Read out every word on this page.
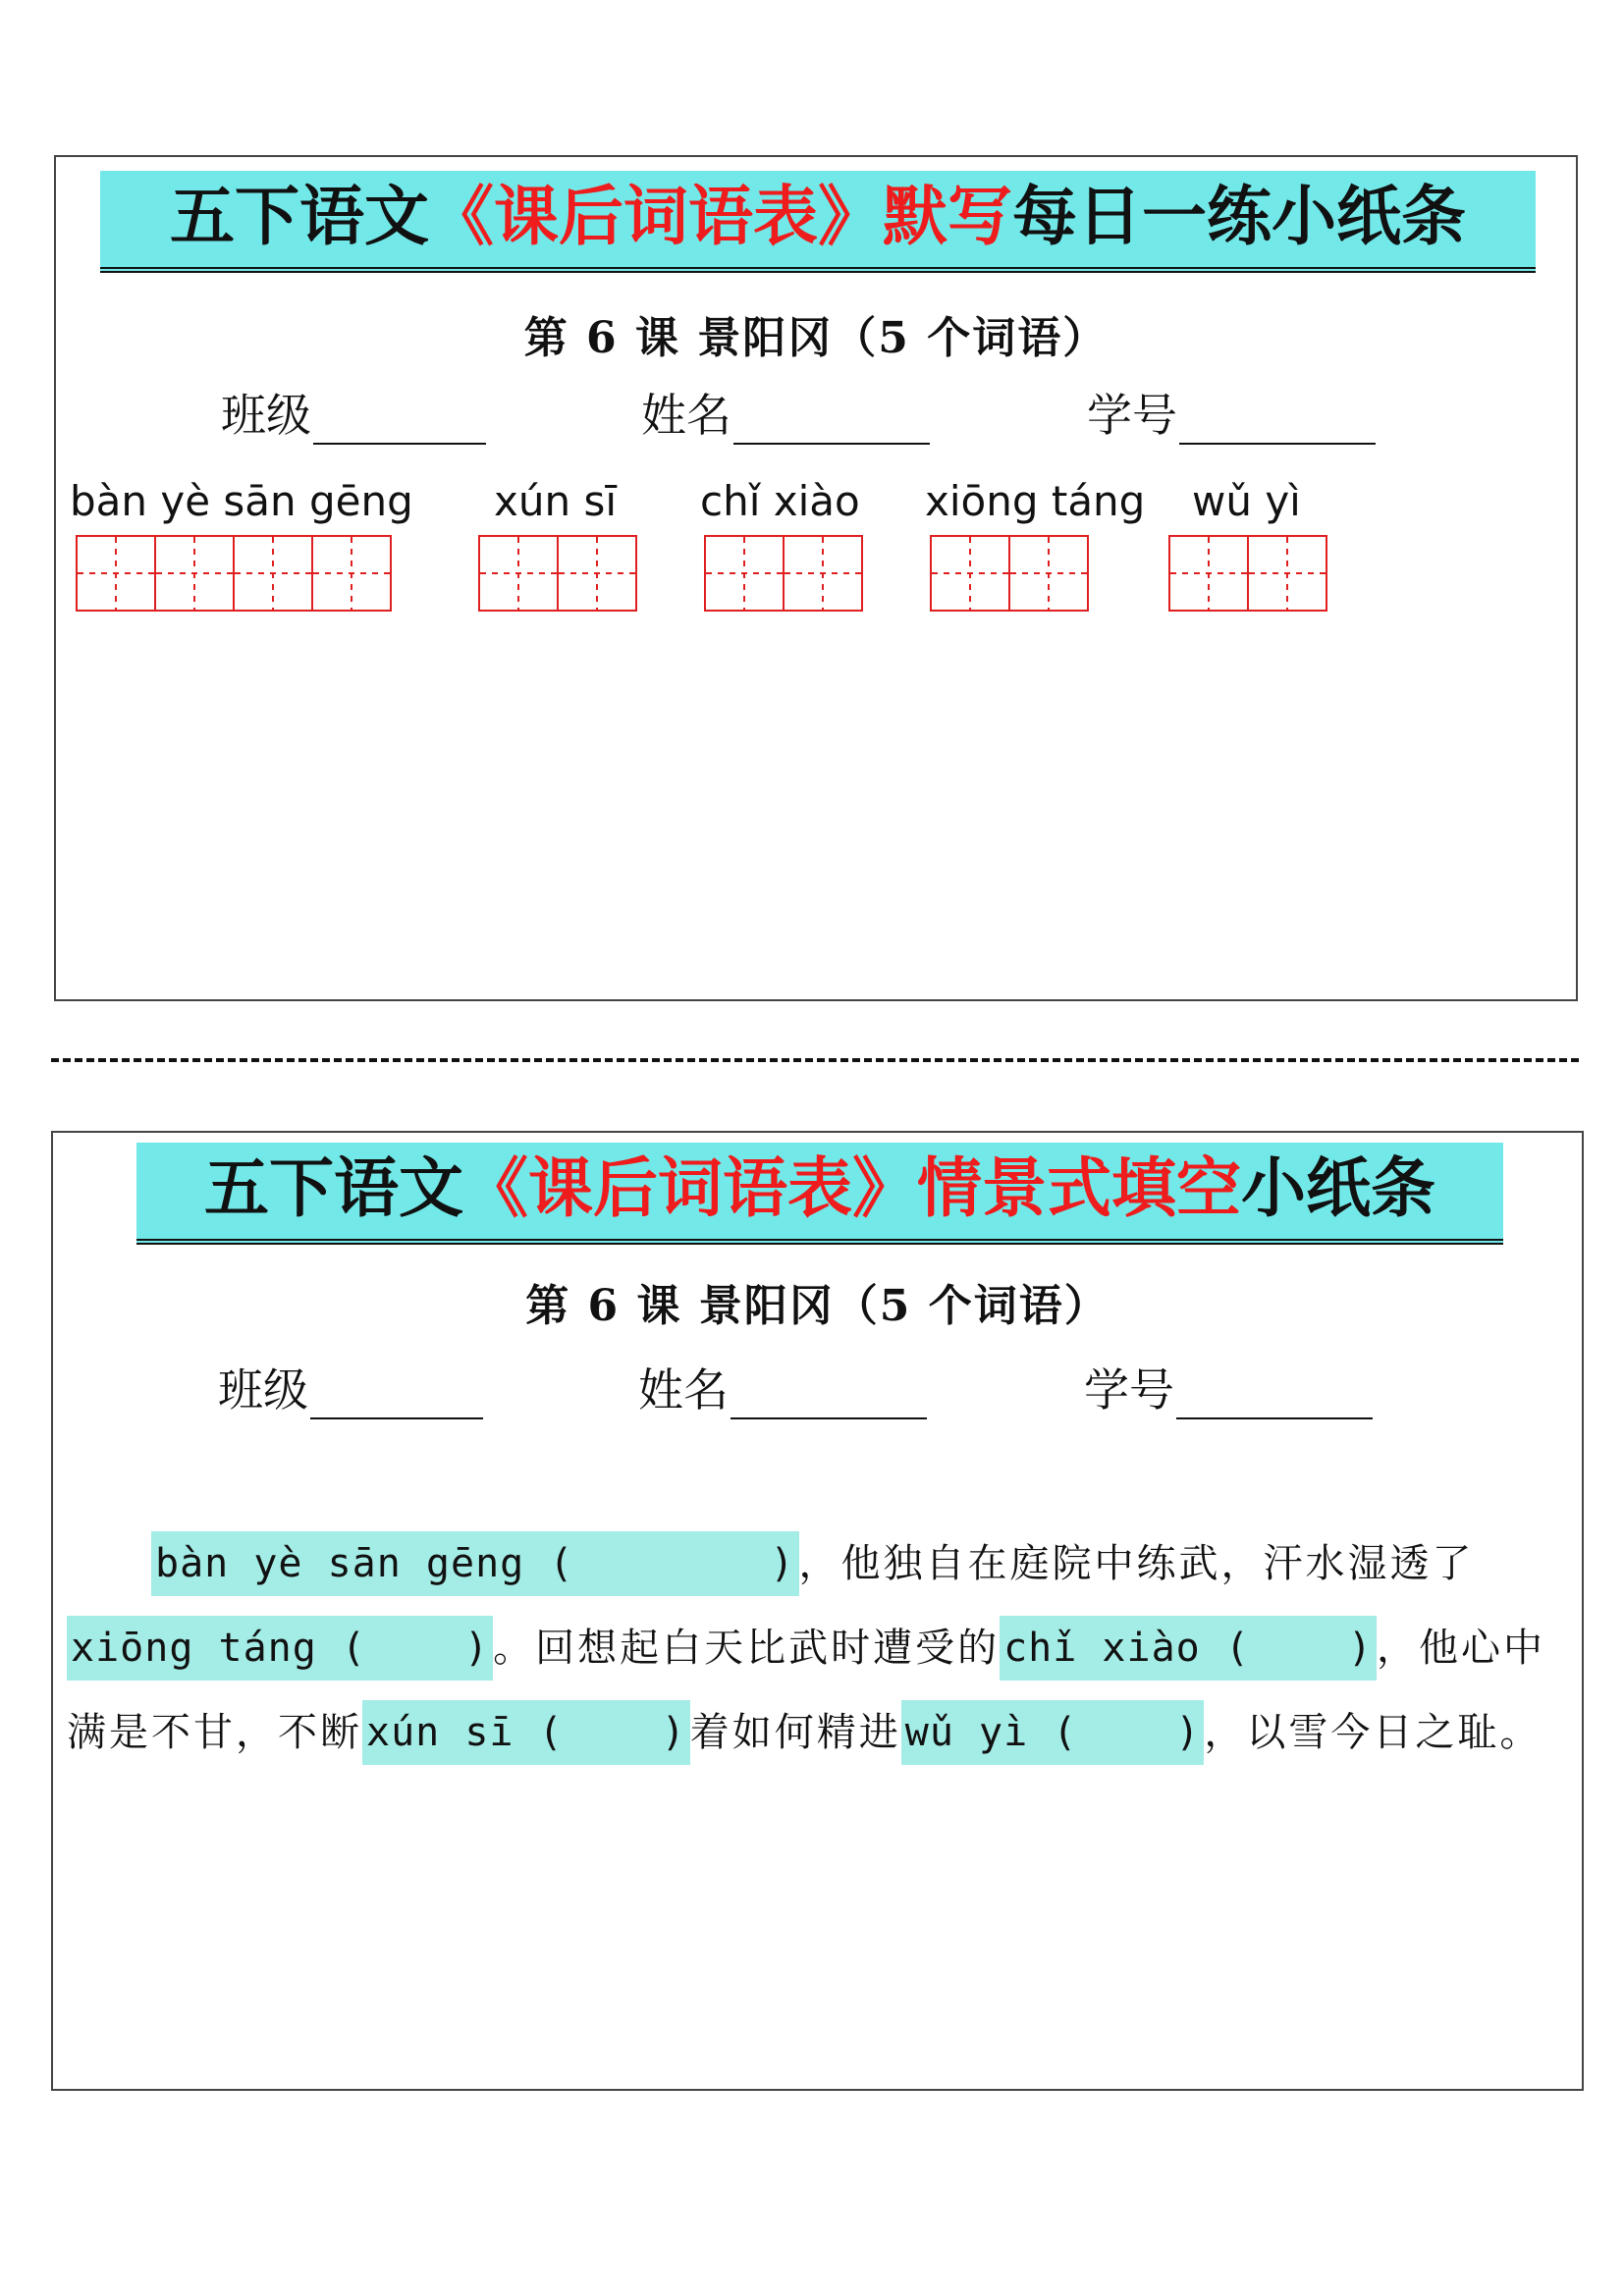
五下语文《课后词语表》默写每日一练小纸条
第 6 课 景阳冈（5 个词语）
班级	姓名	学号
bàn yè sān gēng xún sī chǐ xiào xiōng táng wǔ yì
五下语文《课后词语表》情景式填空小纸条
第 6 课 景阳冈（5 个词语）
班级	姓名	学号
bàn yè sān gēng (	) ，他独自在庭院中练武，汗水湿透了xiōng táng (	) 。回想起白天比武时遭受的 chǐ xiào (	) ，他心中满是不甘，不断 xún sī (	) 着如何精进 wǔ yì (	) ，以雪今日之耻。
